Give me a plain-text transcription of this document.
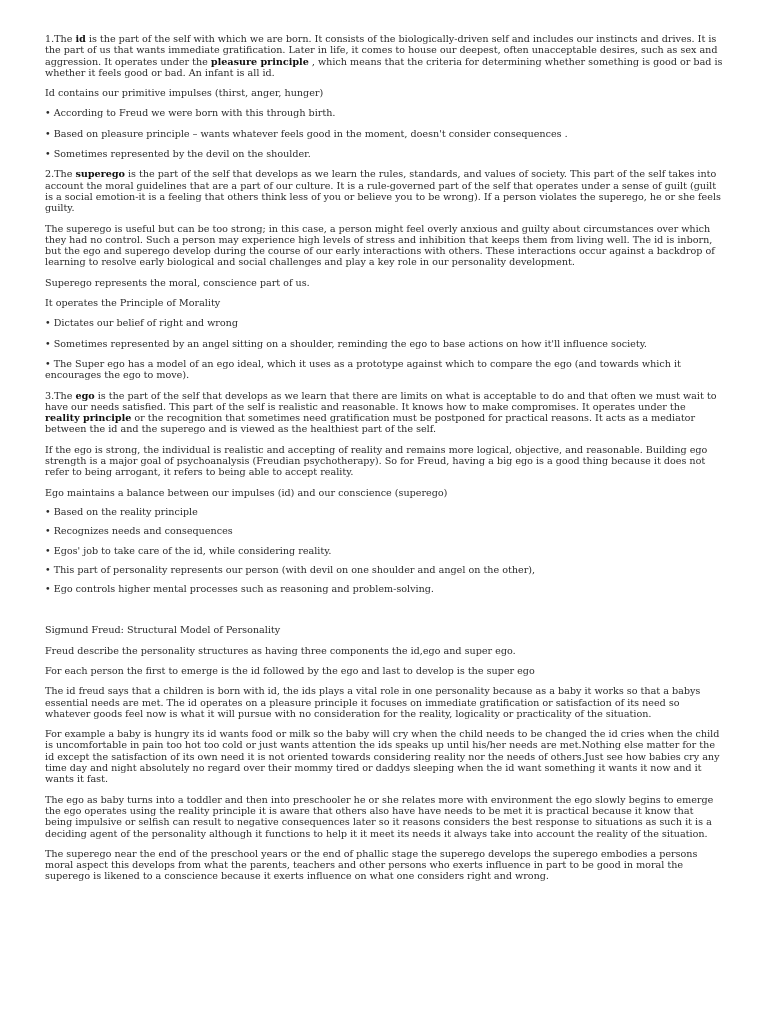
1.The id is the part of the self with which we are born. It consists of the biologically-driven self and includes our instincts and drives. It is the part of us that wants immediate gratification. Later in life, it comes to house our deepest, often unacceptable desires, such as sex and aggression. It operates under the pleasure principle , which means that the criteria for determining whether something is good or bad is whether it feels good or bad. An infant is all id.

Id contains our primitive impulses (thirst, anger, hunger)

• According to Freud we were born with this through birth.

• Based on pleasure principle – wants whatever feels good in the moment, doesn't consider consequences .

• Sometimes represented by the devil on the shoulder.

2.The superego is the part of the self that develops as we learn the rules, standards, and values of society. This part of the self takes into account the moral guidelines that are a part of our culture. It is a rule-governed part of the self that operates under a sense of guilt (guilt is a social emotion-it is a feeling that others think less of you or believe you to be wrong). If a person violates the superego, he or she feels guilty.

The superego is useful but can be too strong; in this case, a person might feel overly anxious and guilty about circumstances over which they had no control. Such a person may experience high levels of stress and inhibition that keeps them from living well. The id is inborn, but the ego and superego develop during the course of our early interactions with others. These interactions occur against a backdrop of learning to resolve early biological and social challenges and play a key role in our personality development.

Superego represents the moral, conscience part of us.

It operates the Principle of Morality

• Dictates our belief of right and wrong

• Sometimes represented by an angel sitting on a shoulder, reminding the ego to base actions on how it'll influence society.

• The Super ego has a model of an ego ideal, which it uses as a prototype against which to compare the ego (and towards which it encourages the ego to move).

3.The ego is the part of the self that develops as we learn that there are limits on what is acceptable to do and that often we must wait to have our needs satisfied. This part of the self is realistic and reasonable. It knows how to make compromises. It operates under the reality principle or the recognition that sometimes need gratification must be postponed for practical reasons. It acts as a mediator between the id and the superego and is viewed as the healthiest part of the self.

If the ego is strong, the individual is realistic and accepting of reality and remains more logical, objective, and reasonable. Building ego strength is a major goal of psychoanalysis (Freudian psychotherapy). So for Freud, having a big ego is a good thing because it does not refer to being arrogant, it refers to being able to accept reality.

Ego maintains a balance between our impulses (id) and our conscience (superego)

• Based on the reality principle

• Recognizes needs and consequences

• Egos' job to take care of the id, while considering reality.

• This part of personality represents our person (with devil on one shoulder and angel on the other),

• Ego controls higher mental processes such as reasoning and problem-solving.

Sigmund Freud: Structural Model of Personality

Freud describe the personality structures as having three components the id,ego and super ego.

For each person the first to emerge is the id followed by the ego and last to develop is the super ego

The id freud says that a children is born with id, the ids plays a vital role in one personality because as a baby it works so that a babys essential needs are met. The id operates on a pleasure principle it focuses on immediate gratification or satisfaction of its need so whatever goods feel now is what it will pursue with no consideration for the reality, logicality or practicality of the situation.

For example a baby is hungry its id wants food or milk so the baby will cry when the child needs to be changed the id cries when the child is uncomfortable in pain too hot too cold or just wants attention the ids speaks up until his/her needs are met.Nothing else matter for the id except the satisfaction of its own need it is not oriented towards considering reality nor the needs of others.Just see how babies cry any time day and night absolutely no regard over their mommy tired or daddys sleeping when the id want something it wants it now and it wants it fast.

The ego as baby turns into a toddler and then into preschooler he or she relates more with environment the ego slowly begins to emerge the ego operates using the reality principle it is aware that others also have have needs to be met it is practical because it know that being impulsive or selfish can result to negative consequences later so it reasons considers the best response to situations as such it is a deciding agent of the personality although it functions to help it it meet its needs it always take into account the reality of the situation.

The superego near the end of the preschool years or the end of phallic stage the superego develops the superego embodies a persons moral aspect this develops from what the parents, teachers and other persons who exerts influence in part to be good in moral the superego is likened to a conscience because it exerts influence on what one considers right and wrong.
